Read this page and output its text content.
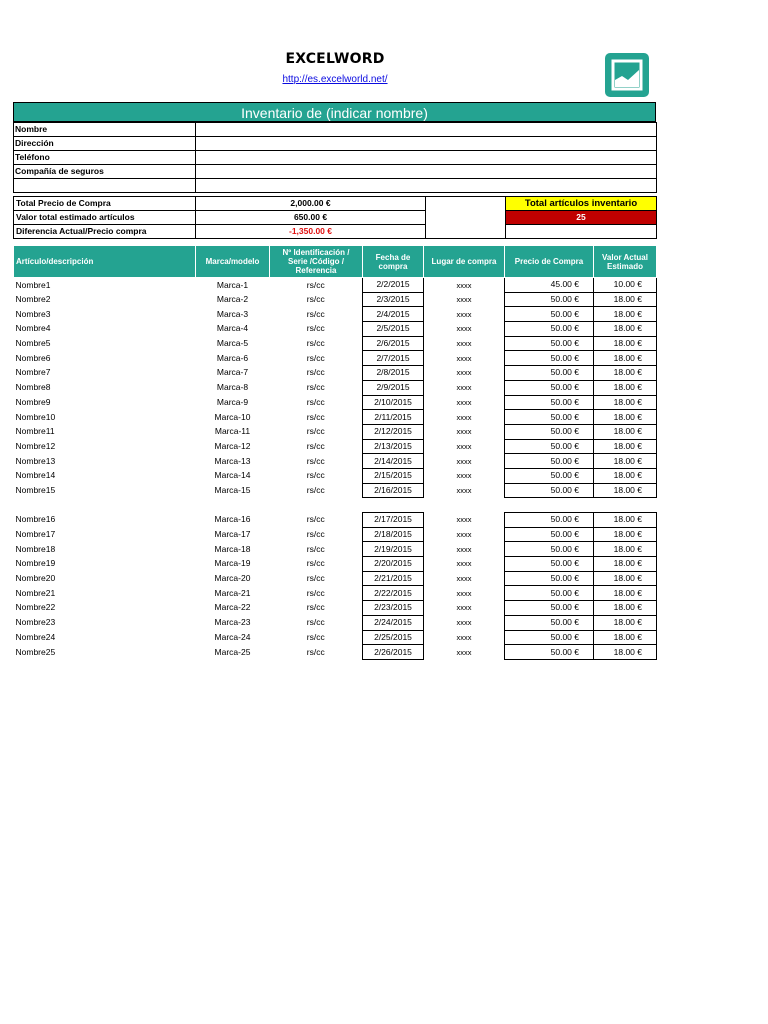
EXCELWORD
http://es.excelworld.net/
Inventario de (indicar nombre)
Nombre	
Dirección	
Teléfono	
Compañía de seguros	

Total Precio de Compra	2,000.00 €		Total artículos inventario
Valor total estimado artículos	650.00 €		25
Diferencia Actual/Precio compra	-1,350.00 €		
Artículo/descripción	Marca/modelo	Nº Identificación / Serie /Código / Referencia	Fecha de compra	Lugar de compra	Precio de Compra	Valor Actual Estimado
Nombre1	Marca-1	rs/cc	2/2/2015	xxxx	45.00 €	10.00 €
Nombre2	Marca-2	rs/cc	2/3/2015	xxxx	50.00 €	18.00 €
Nombre3	Marca-3	rs/cc	2/4/2015	xxxx	50.00 €	18.00 €
Nombre4	Marca-4	rs/cc	2/5/2015	xxxx	50.00 €	18.00 €
Nombre5	Marca-5	rs/cc	2/6/2015	xxxx	50.00 €	18.00 €
Nombre6	Marca-6	rs/cc	2/7/2015	xxxx	50.00 €	18.00 €
Nombre7	Marca-7	rs/cc	2/8/2015	xxxx	50.00 €	18.00 €
Nombre8	Marca-8	rs/cc	2/9/2015	xxxx	50.00 €	18.00 €
Nombre9	Marca-9	rs/cc	2/10/2015	xxxx	50.00 €	18.00 €
Nombre10	Marca-10	rs/cc	2/11/2015	xxxx	50.00 €	18.00 €
Nombre11	Marca-11	rs/cc	2/12/2015	xxxx	50.00 €	18.00 €
Nombre12	Marca-12	rs/cc	2/13/2015	xxxx	50.00 €	18.00 €
Nombre13	Marca-13	rs/cc	2/14/2015	xxxx	50.00 €	18.00 €
Nombre14	Marca-14	rs/cc	2/15/2015	xxxx	50.00 €	18.00 €
Nombre15	Marca-15	rs/cc	2/16/2015	xxxx	50.00 €	18.00 €

Nombre16	Marca-16	rs/cc	2/17/2015	xxxx	50.00 €	18.00 €
Nombre17	Marca-17	rs/cc	2/18/2015	xxxx	50.00 €	18.00 €
Nombre18	Marca-18	rs/cc	2/19/2015	xxxx	50.00 €	18.00 €
Nombre19	Marca-19	rs/cc	2/20/2015	xxxx	50.00 €	18.00 €
Nombre20	Marca-20	rs/cc	2/21/2015	xxxx	50.00 €	18.00 €
Nombre21	Marca-21	rs/cc	2/22/2015	xxxx	50.00 €	18.00 €
Nombre22	Marca-22	rs/cc	2/23/2015	xxxx	50.00 €	18.00 €
Nombre23	Marca-23	rs/cc	2/24/2015	xxxx	50.00 €	18.00 €
Nombre24	Marca-24	rs/cc	2/25/2015	xxxx	50.00 €	18.00 €
Nombre25	Marca-25	rs/cc	2/26/2015	xxxx	50.00 €	18.00 €
